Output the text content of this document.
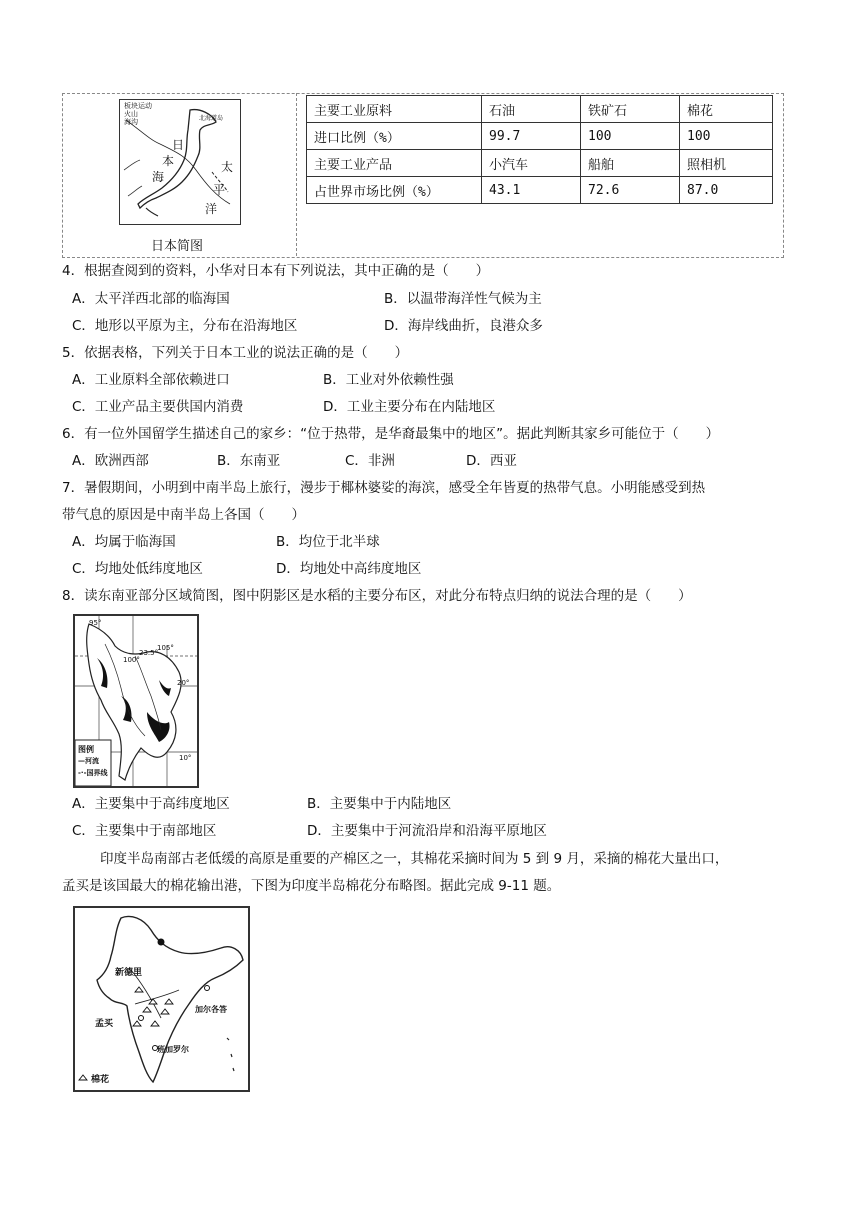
板块运动
火山
海沟	北海道岛
日
本
海
太
平
洋
日本简图
主要工业原料	石油	铁矿石	棉花
进口比例（%）	99.7	100	100
主要工业产品	小汽车	船舶	照相机
占世界市场比例（%）	43.1	72.6	87.0
4．根据查阅到的资料，小华对日本有下列说法，其中正确的是（　　）
A．太平洋西北部的临海国	B．以温带海洋性气候为主
C．地形以平原为主，分布在沿海地区	D．海岸线曲折，良港众多
5．依据表格，下列关于日本工业的说法正确的是（　　）
A．工业原料全部依赖进口	B．工业对外依赖性强
C．工业产品主要供国内消费	D．工业主要分布在内陆地区
6．有一位外国留学生描述自己的家乡：“位于热带，是华裔最集中的地区”。据此判断其家乡可能位于（　　）
A．欧洲西部	B．东南亚	C．非洲	D．西亚
7．暑假期间，小明到中南半岛上旅行，漫步于椰林婆娑的海滨，感受全年皆夏的热带气息。小明能感受到热
带气息的原因是中南半岛上各国（　　）
A．均属于临海国	B．均位于北半球
C．均地处低纬度地区	D．均地处中高纬度地区
8．读东南亚部分区域简图，图中阴影区是水稻的主要分布区，对此分布特点归纳的说法合理的是（　　）
95°
100°
105°
23.5°
20°
10°
图例
—河流
-·-国界线
A．主要集中于高纬度地区	B．主要集中于内陆地区
C．主要集中于南部地区	D．主要集中于河流沿岸和沿海平原地区
印度半岛南部古老低缓的高原是重要的产棉区之一，其棉花采摘时间为 5 到 9 月，采摘的棉花大量出口，
孟买是该国最大的棉花输出港，下图为印度半岛棉花分布略图。据此完成 9-11 题。
新德里
加尔各答
孟买
班加罗尔
棉花
